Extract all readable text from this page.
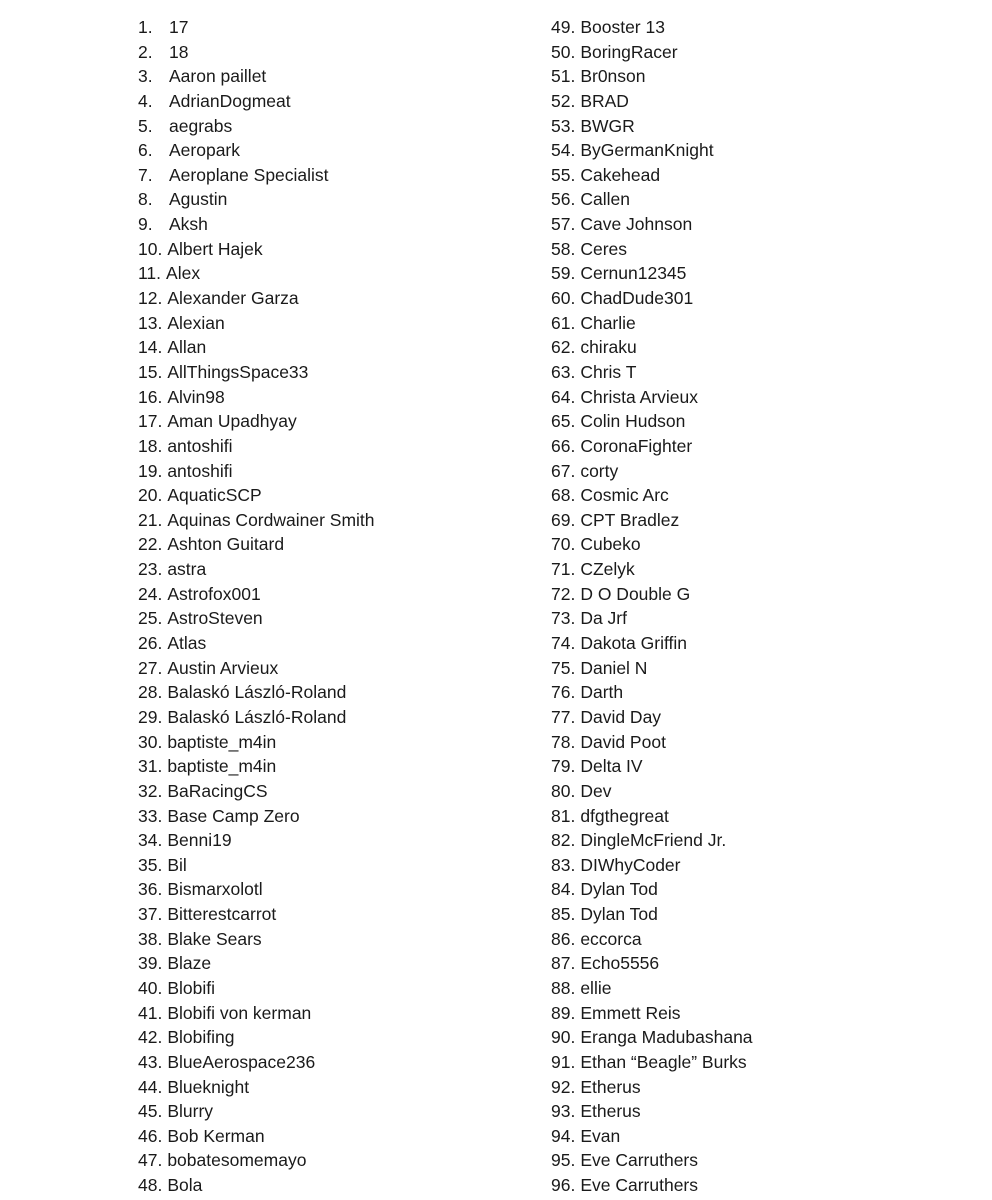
1. 17
2. 18
3. Aaron paillet
4. AdrianDogmeat
5. aegrabs
6. Aeropark
7. Aeroplane Specialist
8. Agustin
9. Aksh
10. Albert Hajek
11. Alex
12. Alexander Garza
13. Alexian
14. Allan
15. AllThingsSpace33
16. Alvin98
17. Aman Upadhyay
18. antoshifi
19. antoshifi
20. AquaticSCP
21. Aquinas Cordwainer Smith
22. Ashton Guitard
23. astra
24. Astrofox001
25. AstroSteven
26. Atlas
27. Austin Arvieux
28. Balaskó László-Roland
29. Balaskó László-Roland
30. baptiste_m4in
31. baptiste_m4in
32. BaRacingCS
33. Base Camp Zero
34. Benni19
35. Bil
36. Bismarxolotl
37. Bitterestcarrot
38. Blake Sears
39. Blaze
40. Blobifi
41. Blobifi von kerman
42. Blobifing
43. BlueAerospace236
44. Blueknight
45. Blurry
46. Bob Kerman
47. bobatesomemayo
48. Bola
49. Booster 13
50. BoringRacer
51. Br0nson
52. BRAD
53. BWGR
54. ByGermanKnight
55. Cakehead
56. Callen
57. Cave Johnson
58. Ceres
59. Cernun12345
60. ChadDude301
61. Charlie
62. chiraku
63. Chris T
64. Christa Arvieux
65. Colin Hudson
66. CoronaFighter
67. corty
68. Cosmic Arc
69. CPT Bradlez
70. Cubeko
71. CZelyk
72. D O Double G
73. Da Jrf
74. Dakota Griffin
75. Daniel N
76. Darth
77. David Day
78. David Poot
79. Delta IV
80. Dev
81. dfgthegreat
82. DingleMcFriend Jr.
83. DIWhyCoder
84. Dylan Tod
85. Dylan Tod
86. eccorca
87. Echo5556
88. ellie
89. Emmett Reis
90. Eranga Madubashana
91. Ethan “Beagle” Burks
92. Etherus
93. Etherus
94. Evan
95. Eve Carruthers
96. Eve Carruthers
